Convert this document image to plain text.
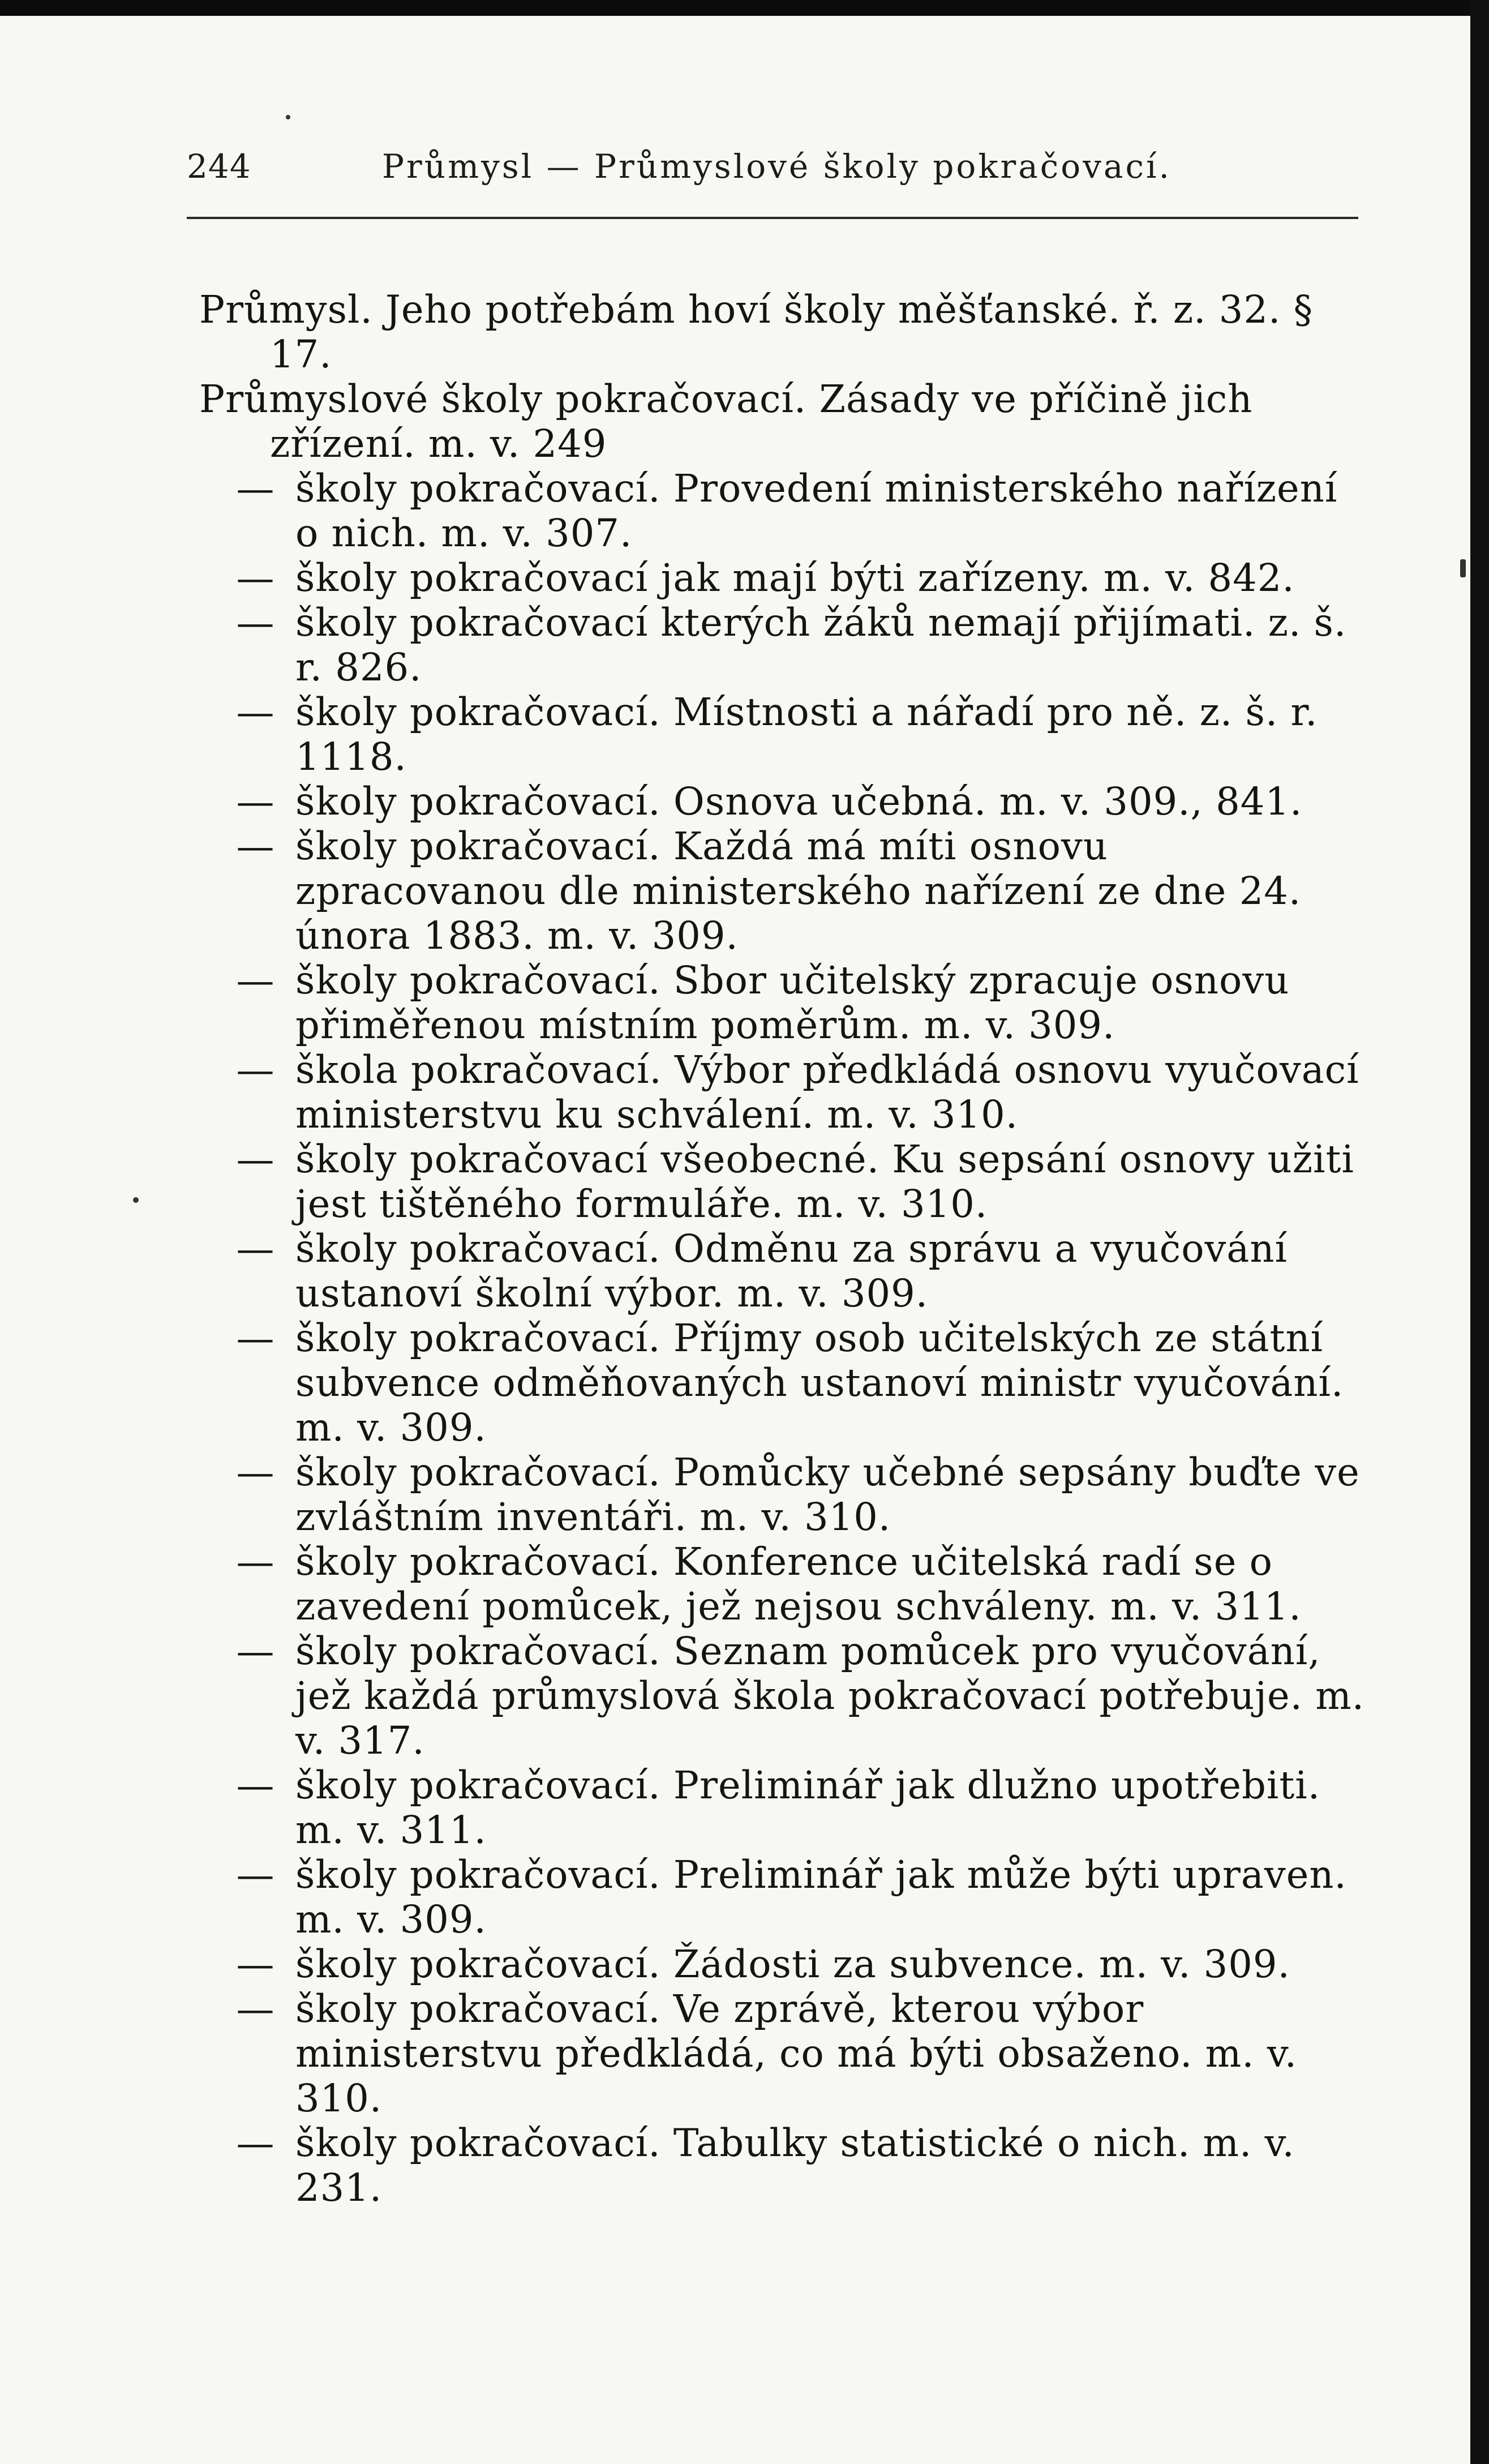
244	Průmysl — Průmyslové školy pokračovací.
Průmysl. Jeho potřebám hoví školy měšťanské. ř. z. 32. § 17.
Průmyslové školy pokračovací. Zásady ve příčině jich zřízení. m. v. 249
— školy pokračovací. Provedení ministerského nařízení o nich. m. v. 307.
— školy pokračovací jak mají býti zařízeny. m. v. 842.
— školy pokračovací kterých žáků nemají přijímati. z. š. r. 826.
— školy pokračovací. Místnosti a nářadí pro ně. z. š. r. 1118.
— školy pokračovací. Osnova učebná. m. v. 309., 841.
— školy pokračovací. Každá má míti osnovu zpracovanou dle ministerského nařízení ze dne 24. února 1883. m. v. 309.
— školy pokračovací. Sbor učitelský zpracuje osnovu přiměřenou místním poměrům. m. v. 309.
— škola pokračovací. Výbor předkládá osnovu vyučovací ministerstvu ku schválení. m. v. 310.
— školy pokračovací všeobecné. Ku sepsání osnovy užiti jest tištěného formuláře. m. v. 310.
— školy pokračovací. Odměnu za správu a vyučování ustanoví školní výbor. m. v. 309.
— školy pokračovací. Příjmy osob učitelských ze státní subvence odměňovaných ustanoví ministr vyučování. m. v. 309.
— školy pokračovací. Pomůcky učebné sepsány buďte ve zvláštním inventáři. m. v. 310.
— školy pokračovací. Konference učitelská radí se o zavedení pomůcek, jež nejsou schváleny. m. v. 311.
— školy pokračovací. Seznam pomůcek pro vyučování, jež každá průmyslová škola pokračovací potřebuje. m. v. 317.
— školy pokračovací. Preliminář jak dlužno upotřebiti. m. v. 311.
— školy pokračovací. Preliminář jak může býti upraven. m. v. 309.
— školy pokračovací. Žádosti za subvence. m. v. 309.
— školy pokračovací. Ve zprávě, kterou výbor ministerstvu předkládá, co má býti obsaženo. m. v. 310.
— školy pokračovací. Tabulky statistické o nich. m. v. 231.
